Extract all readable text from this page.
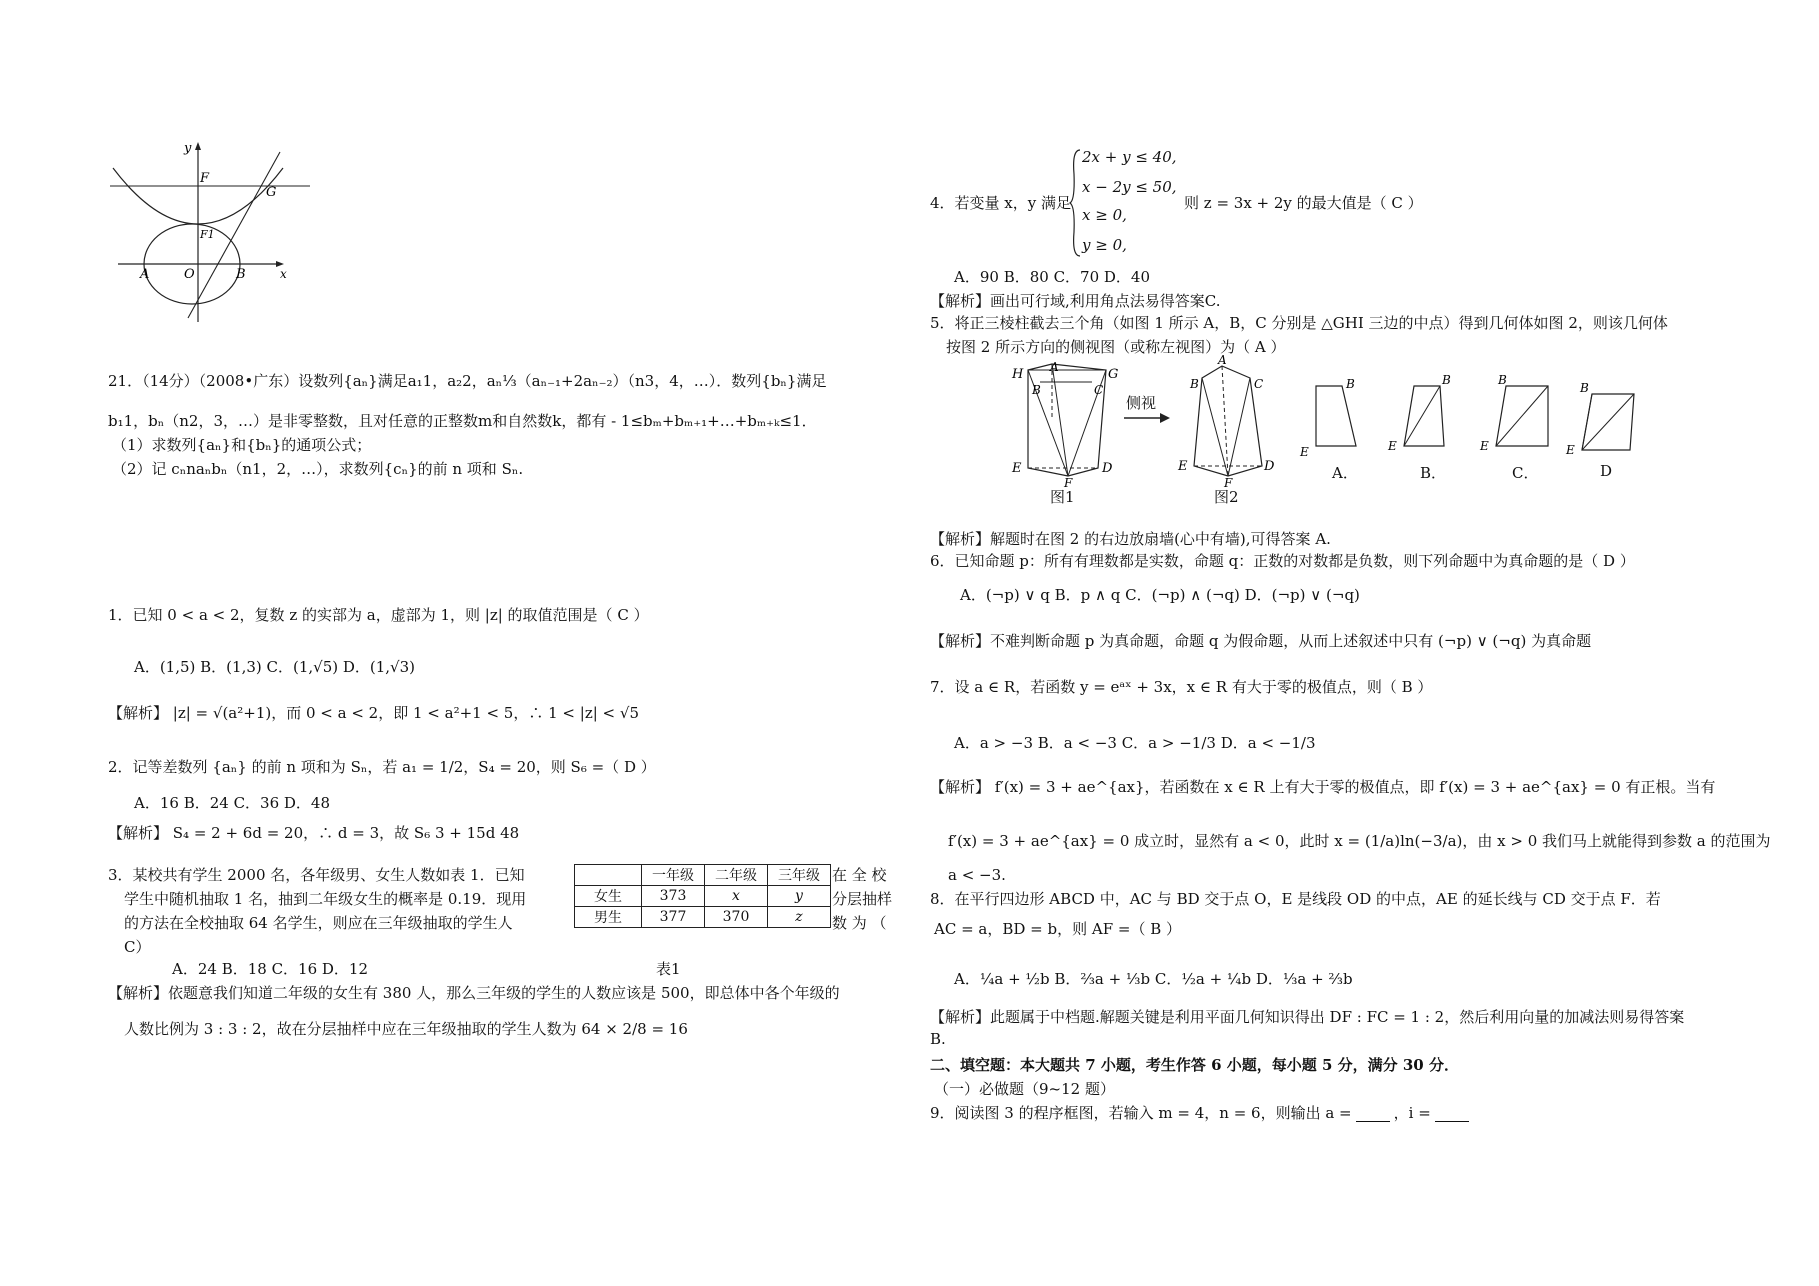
y
x
F
F1
G
A	O	B
21．（14分）（2008•广东）设数列{aₙ}满足a₁1，a₂2，aₙ⅓（aₙ₋₁+2aₙ₋₂）（n3，4，…）．数列{bₙ}满足
b₁1，bₙ（n2，3，…）是非零整数，且对任意的正整数m和自然数k，都有 - 1≤bₘ+bₘ₊₁+…+bₘ₊ₖ≤1．
（1）求数列{aₙ}和{bₙ}的通项公式；
（2）记 cₙnaₙbₙ（n1，2，…），求数列{cₙ}的前 n 项和 Sₙ.
1．已知 0 < a < 2，复数 z 的实部为 a，虚部为 1，则 |z| 的取值范围是（ C ）
A．(1,5) B．(1,3) C．(1,√5) D．(1,√3)
【解析】 |z| = √(a²+1)，而 0 < a < 2，即 1 < a²+1 < 5，∴ 1 < |z| < √5
2．记等差数列 {aₙ} 的前 n 项和为 Sₙ，若 a₁ = 1/2，S₄ = 20，则 S₆ =（ D ）
A．16 B．24 C．36 D．48
【解析】 S₄ = 2 + 6d = 20，∴ d = 3，故 S₆ 3 + 15d 48
3．某校共有学生 2000 名，各年级男、女生人数如表 1．已知
学生中随机抽取 1 名，抽到二年级女生的概率是 0.19．现用
的方法在全校抽取 64 名学生，则应在三年级抽取的学生人
C）
	一年级	二年级	三年级
女生	373	x	y
男生	377	370	z
在 全 校
分层抽样
数 为 （
A．24 B．18 C．16 D．12	表1
【解析】依题意我们知道二年级的女生有 380 人，那么三年级的学生的人数应该是 500，即总体中各个年级的
人数比例为 3 : 3 : 2，故在分层抽样中应在三年级抽取的学生人数为 64 × 2/8 = 16
2x + y ≤ 40,
x − 2y ≤ 50,
x ≥ 0,
y ≥ 0,
4．若变量 x，y 满足	则 z = 3x + 2y 的最大值是（ C ）
A．90 B．80 C．70 D．40
【解析】画出可行域,利用角点法易得答案C.
5．将正三棱柱截去三个角（如图 1 所示 A，B，C 分别是 △GHI 三边的中点）得到几何体如图 2，则该几何体
按图 2 所示方向的侧视图（或称左视图）为（ A ）
H
A
G
B	C
E	D
F
图1
侧视
A
B	C
E	D
F
图2
B
E
A．
B
E
B．
B
E
C．
B
E
D
【解析】解题时在图 2 的右边放扇墙(心中有墙),可得答案 A.
6．已知命题 p：所有有理数都是实数，命题 q：正数的对数都是负数，则下列命题中为真命题的是（ D ）
A．(¬p) ∨ q B．p ∧ q C．(¬p) ∧ (¬q) D．(¬p) ∨ (¬q)
【解析】不难判断命题 p 为真命题，命题 q 为假命题，从而上述叙述中只有 (¬p) ∨ (¬q) 为真命题
7．设 a ∈ R，若函数 y = eᵃˣ + 3x，x ∈ R 有大于零的极值点，则（ B ）
A．a > −3 B．a < −3 C．a > −1/3 D．a < −1/3
【解析】 f′(x) = 3 + ae^{ax}，若函数在 x ∈ R 上有大于零的极值点，即 f′(x) = 3 + ae^{ax} = 0 有正根。当有
f′(x) = 3 + ae^{ax} = 0 成立时，显然有 a < 0，此时 x = (1/a)ln(−3/a)，由 x > 0 我们马上就能得到参数 a 的范围为
a < −3.
8．在平行四边形 ABCD 中，AC 与 BD 交于点 O，E 是线段 OD 的中点，AE 的延长线与 CD 交于点 F．若
AC = a，BD = b，则 AF =（ B ）
A．¼a + ½b B．⅔a + ⅓b C．½a + ¼b D．⅓a + ⅔b
【解析】此题属于中档题.解题关键是利用平面几何知识得出 DF : FC = 1 : 2，然后利用向量的加减法则易得答案
B.
二、填空题：本大题共 7 小题，考生作答 6 小题，每小题 5 分，满分 30 分．
（一）必做题（9~12 题）
9．阅读图 3 的程序框图，若输入 m = 4，n = 6，则输出 a =	，i =
